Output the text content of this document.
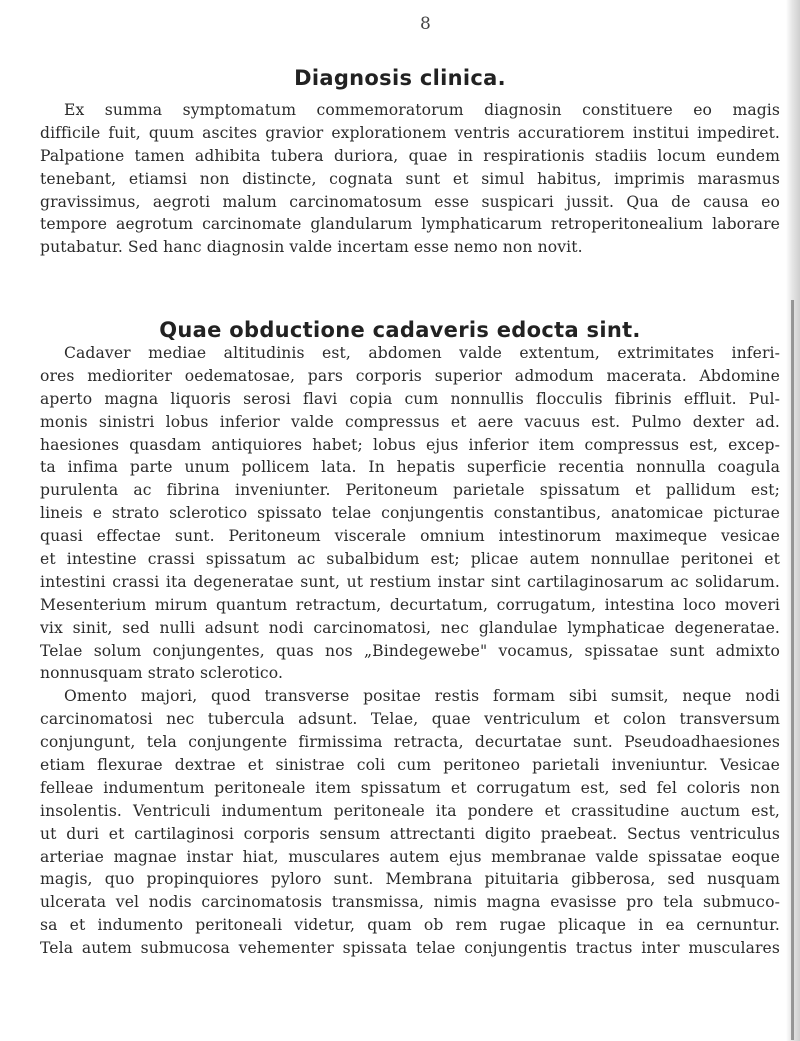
8
Diagnosis clinica.
Ex summa symptomatum commemoratorum diagnosin constituere eo magis
difficile fuit, quum ascites gravior explorationem ventris accuratiorem institui impediret.
Palpatione tamen adhibita tubera duriora, quae in respirationis stadiis locum eundem
tenebant, etiamsi non distincte, cognata sunt et simul habitus, imprimis marasmus
gravissimus, aegroti malum carcinomatosum esse suspicari jussit. Qua de causa eo
tempore aegrotum carcinomate glandularum lymphaticarum retroperitonealium laborare
putabatur. Sed hanc diagnosin valde incertam esse nemo non novit.
Quae obductione cadaveris edocta sint.
Cadaver mediae altitudinis est, abdomen valde extentum, extrimitates inferi-
ores medioriter oedematosae, pars corporis superior admodum macerata. Abdomine
aperto magna liquoris serosi flavi copia cum nonnullis flocculis fibrinis effluit. Pul-
monis sinistri lobus inferior valde compressus et aere vacuus est. Pulmo dexter ad.
haesiones quasdam antiquiores habet; lobus ejus inferior item compressus est, excep-
ta infima parte unum pollicem lata. In hepatis superficie recentia nonnulla coagula
purulenta ac fibrina inveniunter. Peritoneum parietale spissatum et pallidum est;
lineis e strato sclerotico spissato telae conjungentis constantibus, anatomicae picturae
quasi effectae sunt. Peritoneum viscerale omnium intestinorum maximeque vesicae
et intestine crassi spissatum ac subalbidum est; plicae autem nonnullae peritonei et
intestini crassi ita degeneratae sunt, ut restium instar sint cartilaginosarum ac solidarum.
Mesenterium mirum quantum retractum, decurtatum, corrugatum, intestina loco moveri
vix sinit, sed nulli adsunt nodi carcinomatosi, nec glandulae lymphaticae degeneratae.
Telae solum conjungentes, quas nos „Bindegewebe" vocamus, spissatae sunt admixto
nonnusquam strato sclerotico.
Omento majori, quod transverse positae restis formam sibi sumsit, neque nodi
carcinomatosi nec tubercula adsunt. Telae, quae ventriculum et colon transversum
conjungunt, tela conjungente firmissima retracta, decurtatae sunt. Pseudoadhaesiones
etiam flexurae dextrae et sinistrae coli cum peritoneo parietali inveniuntur. Vesicae
felleae indumentum peritoneale item spissatum et corrugatum est, sed fel coloris non
insolentis. Ventriculi indumentum peritoneale ita pondere et crassitudine auctum est,
ut duri et cartilaginosi corporis sensum attrectanti digito praebeat. Sectus ventriculus
arteriae magnae instar hiat, musculares autem ejus membranae valde spissatae eoque
magis, quo propinquiores pyloro sunt. Membrana pituitaria gibberosa, sed nusquam
ulcerata vel nodis carcinomatosis transmissa, nimis magna evasisse pro tela submuco-
sa et indumento peritoneali videtur, quam ob rem rugae plicaque in ea cernuntur.
Tela autem submucosa vehementer spissata telae conjungentis tractus inter musculares
